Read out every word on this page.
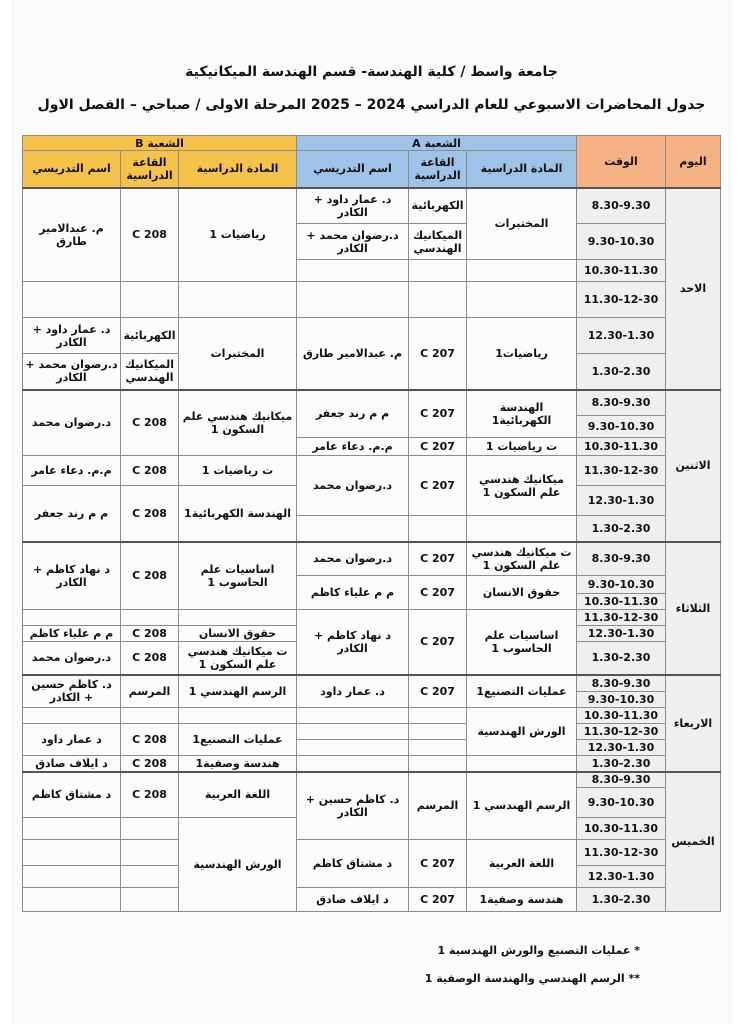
جامعة واسط / كلية الهندسة- قسم الهندسة الميكانيكية
جدول المحاضرات الاسبوعي للعام الدراسي 2024 – 2025 المرحلة الاولى / صباحي – الفصل الاول
الشعبة B			الشعبة A			الوقت	اليوم
اسم التدريسي	القاعة الدراسية	المادة الدراسية	اسم التدريسي	القاعة الدراسية	المادة الدراسية		
م. عبدالامير طارق	C 208	رياضيات 1	د. عمار داود + الكادر	الكهربائية	المختبرات	8.30-9.30	الاحد
			د.رضوان محمد + الكادر	الميكانيك الهندسي		9.30-10.30	
						10.30-11.30	
						11.30-12-30	
د. عمار داود + الكادر	الكهربائية	المختبرات	م. عبدالامير طارق	C 207	رياضيات1	12.30-1.30	
د.رضوان محمد + الكادر	الميكانيك الهندسي					1.30-2.30	
د.رضوان محمد	C 208	ميكانيك هندسي علم السكون 1	م م رند جعفر	C 207	الهندسة الكهربائية1	8.30-9.30	الاثنين
						9.30-10.30	
			م.م. دعاء عامر	C 207	ت رياضيات 1	10.30-11.30	
م.م. دعاء عامر	C 208	ت رياضيات 1	د.رضوان محمد	C 207	ميكانيك هندسي علم السكون 1	11.30-12-30	
م م رند جعفر	C 208	الهندسة الكهربائية1				12.30-1.30	
						1.30-2.30	
د نهاد كاظم + الكادر	C 208	اساسيات علم الحاسوب 1	د.رضوان محمد	C 207	ت ميكانيك هندسي علم السكون 1	8.30-9.30	الثلاثاء
			م م علياء كاظم	C 207	حقوق الانسان	9.30-10.30	
						10.30-11.30	
			د نهاد كاظم + الكادر	C 207	اساسيات علم الحاسوب 1	11.30-12-30	
م م علياء كاظم	C 208	حقوق الانسان				12.30-1.30	
د.رضوان محمد	C 208	ت ميكانيك هندسي علم السكون 1				1.30-2.30	
د. كاظم حسين + الكادر	المرسم	الرسم الهندسي 1	د. عمار داود	C 207	عمليات التصنيع1	8.30-9.30	الاربعاء
						9.30-10.30	
					الورش الهندسية	10.30-11.30	
د عمار داود	C 208	عمليات التصنيع1				11.30-12-30	
						12.30-1.30	
د ايلاف صادق	C 208	هندسة وصفية1				1.30-2.30	
د مشتاق كاظم	C 208	اللغة العربية	د. كاظم حسين + الكادر	المرسم	الرسم الهندسي 1	8.30-9.30	الخميس
						9.30-10.30	
		الورش الهندسية				10.30-11.30	
			د مشتاق كاظم	C 207	اللغة العربية	11.30-12-30	
						12.30-1.30	
			د ايلاف صادق	C 207	هندسة وصفية1	1.30-2.30	
* عمليات التصنيع والورش الهندسية 1
** الرسم الهندسي والهندسة الوصفية 1
